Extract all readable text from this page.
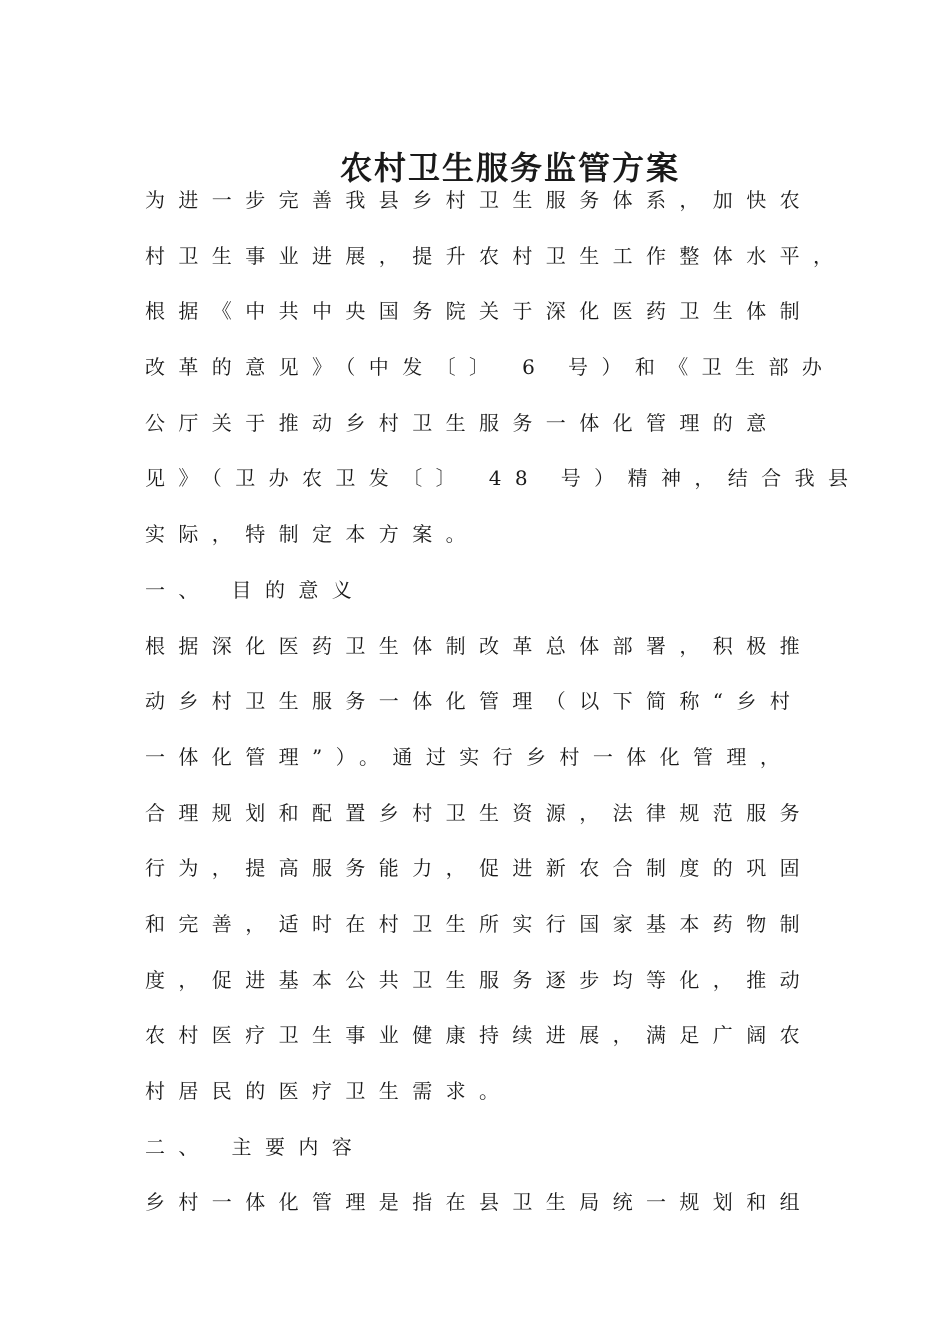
农村卫生服务监管方案

为进一步完善我县乡村卫生服务体系，加快农

村卫生事业进展，提升农村卫生工作整体水平，

根据《中共中央国务院关于深化医药卫生体制

改革的意见》（中发〔〕 6 号）和《卫生部办

公厅关于推动乡村卫生服务一体化管理的意

见》（卫办农卫发〔〕 48 号）精神，结合我县

实际，特制定本方案。

一、 目的意义

根据深化医药卫生体制改革总体部署，积极推

动乡村卫生服务一体化管理（以下简称“乡村

一体化管理”）。通过实行乡村一体化管理，

合理规划和配置乡村卫生资源，法律规范服务

行为，提高服务能力，促进新农合制度的巩固

和完善，适时在村卫生所实行国家基本药物制

度，促进基本公共卫生服务逐步均等化，推动

农村医疗卫生事业健康持续进展，满足广阔农

村居民的医疗卫生需求。

二、 主要内容

乡村一体化管理是指在县卫生局统一规划和组
